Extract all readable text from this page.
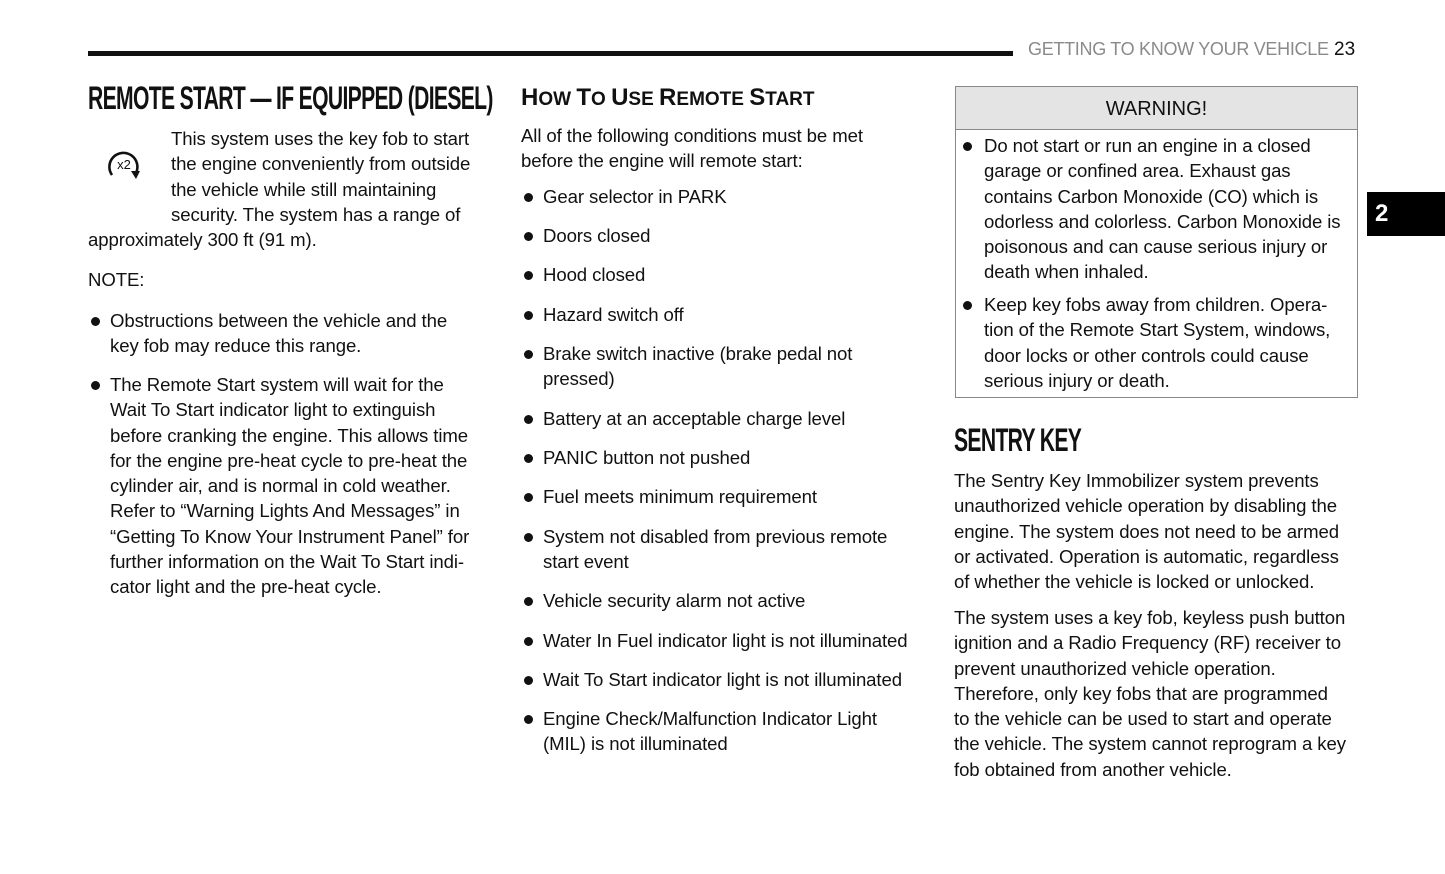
GETTING TO KNOW YOUR VEHICLE 23
2
REMOTE START — IF EQUIPPED (DIESEL)
x2
This system uses the key fob to start
the engine conveniently from outside
the vehicle while still maintaining
security. The system has a range of
approximately 300 ft (91 m).
NOTE:
Obstructions between the vehicle and the
key fob may reduce this range.
The Remote Start system will wait for the
Wait To Start indicator light to extinguish
before cranking the engine. This allows time
for the engine pre-heat cycle to pre-heat the
cylinder air, and is normal in cold weather.
Refer to “Warning Lights And Messages” in
“Getting To Know Your Instrument Panel” for
further information on the Wait To Start indi-
cator light and the pre-heat cycle.
HOW TO USE REMOTE START
All of the following conditions must be met
before the engine will remote start:
Gear selector in PARK
Doors closed
Hood closed
Hazard switch off
Brake switch inactive (brake pedal not
pressed)
Battery at an acceptable charge level
PANIC button not pushed
Fuel meets minimum requirement
System not disabled from previous remote
start event
Vehicle security alarm not active
Water In Fuel indicator light is not illuminated
Wait To Start indicator light is not illuminated
Engine Check/Malfunction Indicator Light
(MIL) is not illuminated
WARNING!
Do not start or run an engine in a closed
garage or confined area. Exhaust gas
contains Carbon Monoxide (CO) which is
odorless and colorless. Carbon Monoxide is
poisonous and can cause serious injury or
death when inhaled.
Keep key fobs away from children. Opera-
tion of the Remote Start System, windows,
door locks or other controls could cause
serious injury or death.
SENTRY KEY
The Sentry Key Immobilizer system prevents
unauthorized vehicle operation by disabling the
engine. The system does not need to be armed
or activated. Operation is automatic, regardless
of whether the vehicle is locked or unlocked.
The system uses a key fob, keyless push button
ignition and a Radio Frequency (RF) receiver to
prevent unauthorized vehicle operation.
Therefore, only key fobs that are programmed
to the vehicle can be used to start and operate
the vehicle. The system cannot reprogram a key
fob obtained from another vehicle.
